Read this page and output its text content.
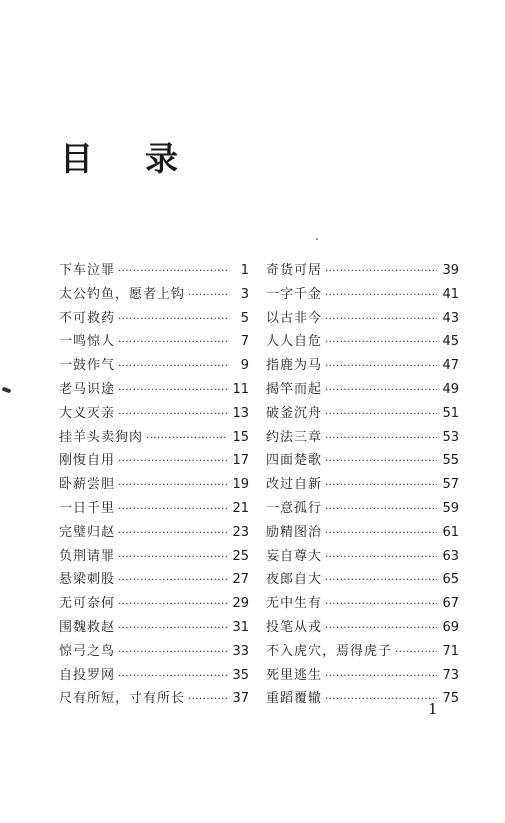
目 录
下车泣罪 ·····	1
太公钓鱼，愿者上钩 ·····	3
不可救药 ·····	5
一鸣惊人 ·····	7
一鼓作气 ·····	9
老马识途 ·····	11
大义灭亲 ·····	13
挂羊头卖狗肉 ·····	15
刚愎自用 ·····	17
卧薪尝胆 ·····	19
一日千里 ·····	21
完璧归赵 ·····	23
负荆请罪 ·····	25
悬梁刺股 ·····	27
无可奈何 ·····	29
围魏救赵 ·····	31
惊弓之鸟 ·····	33
自投罗网 ·····	35
尺有所短，寸有所长 ·····	37
奇货可居 ·····	39
一字千金 ·····	41
以古非今 ·····	43
人人自危 ·····	45
指鹿为马 ·····	47
揭竿而起 ·····	49
破釜沉舟 ·····	51
约法三章 ·····	53
四面楚歌 ·····	55
改过自新 ·····	57
一意孤行 ·····	59
励精图治 ·····	61
妄自尊大 ·····	63
夜郎自大 ·····	65
无中生有 ·····	67
投笔从戎 ·····	69
不入虎穴，焉得虎子 ·····	71
死里逃生 ·····	73
重蹈覆辙 ·····	75
1
